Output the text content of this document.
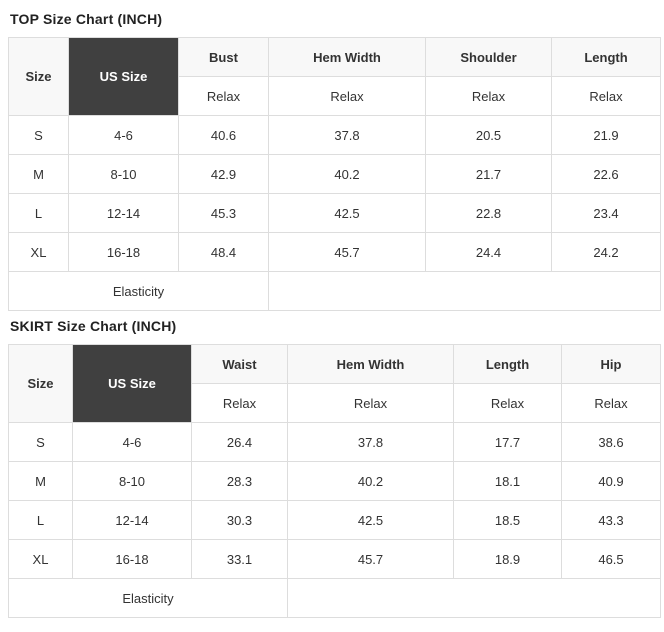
TOP Size Chart (INCH)
Size	US Size	Bust	Hem Width	Shoulder	Length
		Relax	Relax	Relax	Relax
S	4-6	40.6	37.8	20.5	21.9
M	8-10	42.9	40.2	21.7	22.6
L	12-14	45.3	42.5	22.8	23.4
XL	16-18	48.4	45.7	24.4	24.2
Elasticity					
SKIRT Size Chart (INCH)
Size	US Size	Waist	Hem Width	Length	Hip
		Relax	Relax	Relax	Relax
S	4-6	26.4	37.8	17.7	38.6
M	8-10	28.3	40.2	18.1	40.9
L	12-14	30.3	42.5	18.5	43.3
XL	16-18	33.1	45.7	18.9	46.5
Elasticity					
